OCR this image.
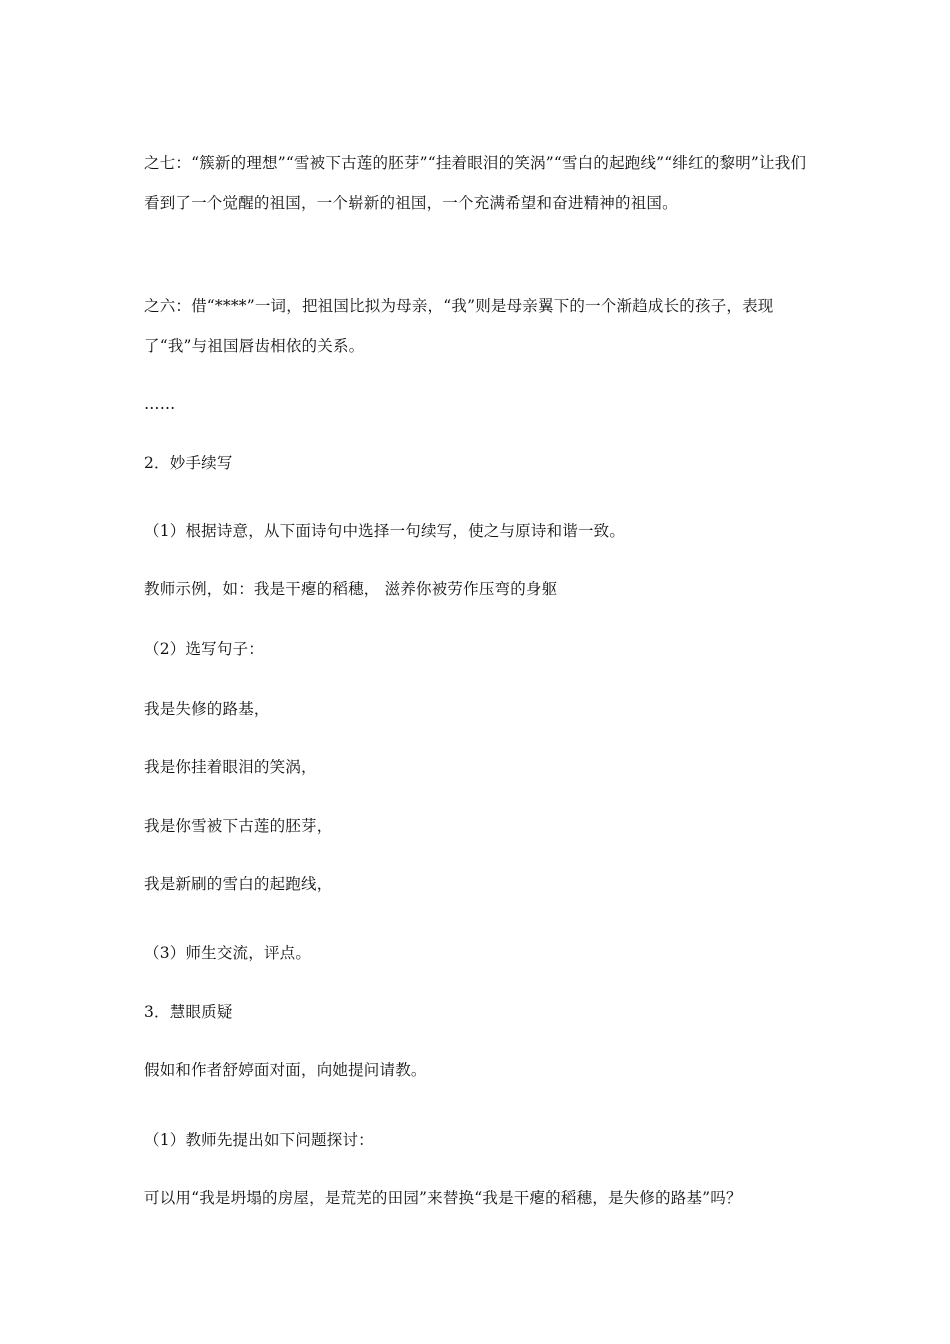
之七：“簇新的理想”“雪被下古莲的胚芽”“挂着眼泪的笑涡”“雪白的起跑线”“绯红的黎明”让我们看到了一个觉醒的祖国，一个崭新的祖国，一个充满希望和奋进精神的祖国。

之六：借“****”一词，把祖国比拟为母亲，“我”则是母亲翼下的一个渐趋成长的孩子，表现了“我”与祖国唇齿相依的关系。

……

2．妙手续写

（1）根据诗意，从下面诗句中选择一句续写，使之与原诗和谐一致。

教师示例，如：我是干瘪的稻穗， 滋养你被劳作压弯的身躯

（2）选写句子：

我是失修的路基，

我是你挂着眼泪的笑涡，

我是你雪被下古莲的胚芽，

我是新刷的雪白的起跑线，

（3）师生交流，评点。

3．慧眼质疑

假如和作者舒婷面对面，向她提问请教。

（1）教师先提出如下问题探讨：

可以用“我是坍塌的房屋，是荒芜的田园”来替换“我是干瘪的稻穗，是失修的路基”吗？
